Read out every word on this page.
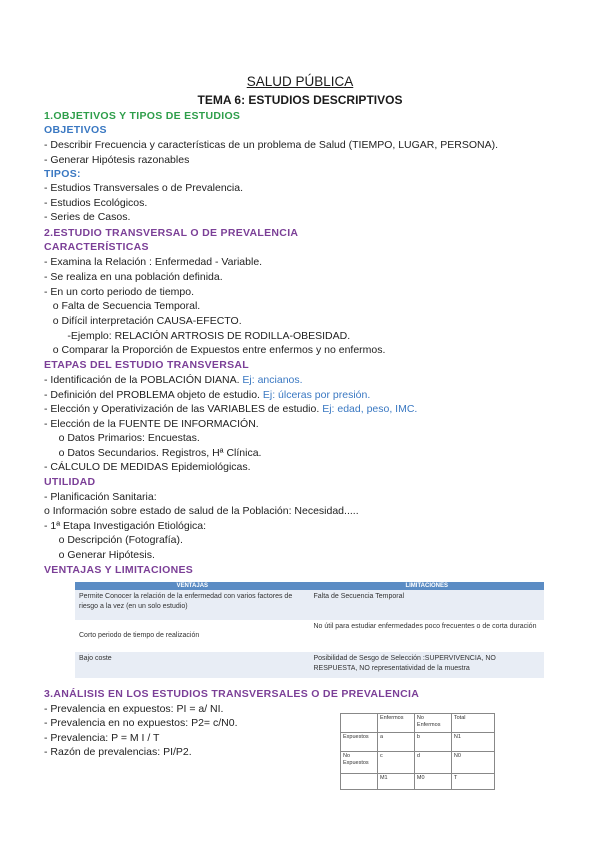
SALUD PÚBLICA
TEMA 6: ESTUDIOS DESCRIPTIVOS
1.OBJETIVOS Y TIPOS DE ESTUDIOS
OBJETIVOS
- Describir Frecuencia y características de un problema de Salud (TIEMPO, LUGAR, PERSONA).
- Generar Hipótesis razonables
TIPOS:
- Estudios Transversales o de Prevalencia.
- Estudios Ecológicos.
- Series de Casos.
2.ESTUDIO TRANSVERSAL O DE PREVALENCIA
CARACTERÍSTICAS
- Examina la Relación : Enfermedad - Variable.
- Se realiza en una población definida.
- En un corto periodo de tiempo.
o Falta de Secuencia Temporal.
o Difícil interpretación CAUSA-EFECTO.
-Ejemplo: RELACIÓN ARTROSIS DE RODILLA-OBESIDAD.
o Comparar la Proporción de Expuestos entre enfermos y no enfermos.
ETAPAS DEL ESTUDIO TRANSVERSAL
- Identificación de la POBLACIÓN DIANA. Ej: ancianos.
- Definición del PROBLEMA objeto de estudio. Ej: úlceras por presión.
- Elección y Operativización de las VARIABLES de estudio. Ej: edad, peso, IMC.
- Elección de la FUENTE DE INFORMACIÓN.
o Datos Primarios: Encuestas.
o Datos Secundarios. Registros, Hª Clínica.
- CÁLCULO DE MEDIDAS Epidemiológicas.
UTILIDAD
- Planificación Sanitaria:
o Información sobre estado de salud de la Población: Necesidad.....
- 1ª Etapa Investigación Etiológica:
o Descripción (Fotografía).
o Generar Hipótesis.
VENTAJAS Y LIMITACIONES
VENTAJAS	LIMITACIONES
Permite Conocer la relación de la enfermedad con varios factores de riesgo a la vez (en un solo estudio)	Falta de Secuencia Temporal
Corto periodo de tiempo de realización	No útil para estudiar enfermedades poco frecuentes o de corta duración
Bajo coste	Posibilidad de Sesgo de Selección :SUPERVIVENCIA, NO RESPUESTA, NO representatividad de la muestra
3.ANÁLISIS EN LOS ESTUDIOS TRANSVERSALES O DE PREVALENCIA
- Prevalencia en expuestos: PI = a/ NI.
- Prevalencia en no expuestos: P2= c/N0.
- Prevalencia: P = M I / T
- Razón de prevalencias: PI/P2.
	Enfermos	No Enfermos	Total
Expuestos	a	b	N1
No Expuestos	c	d	N0
	M1	M0	T
